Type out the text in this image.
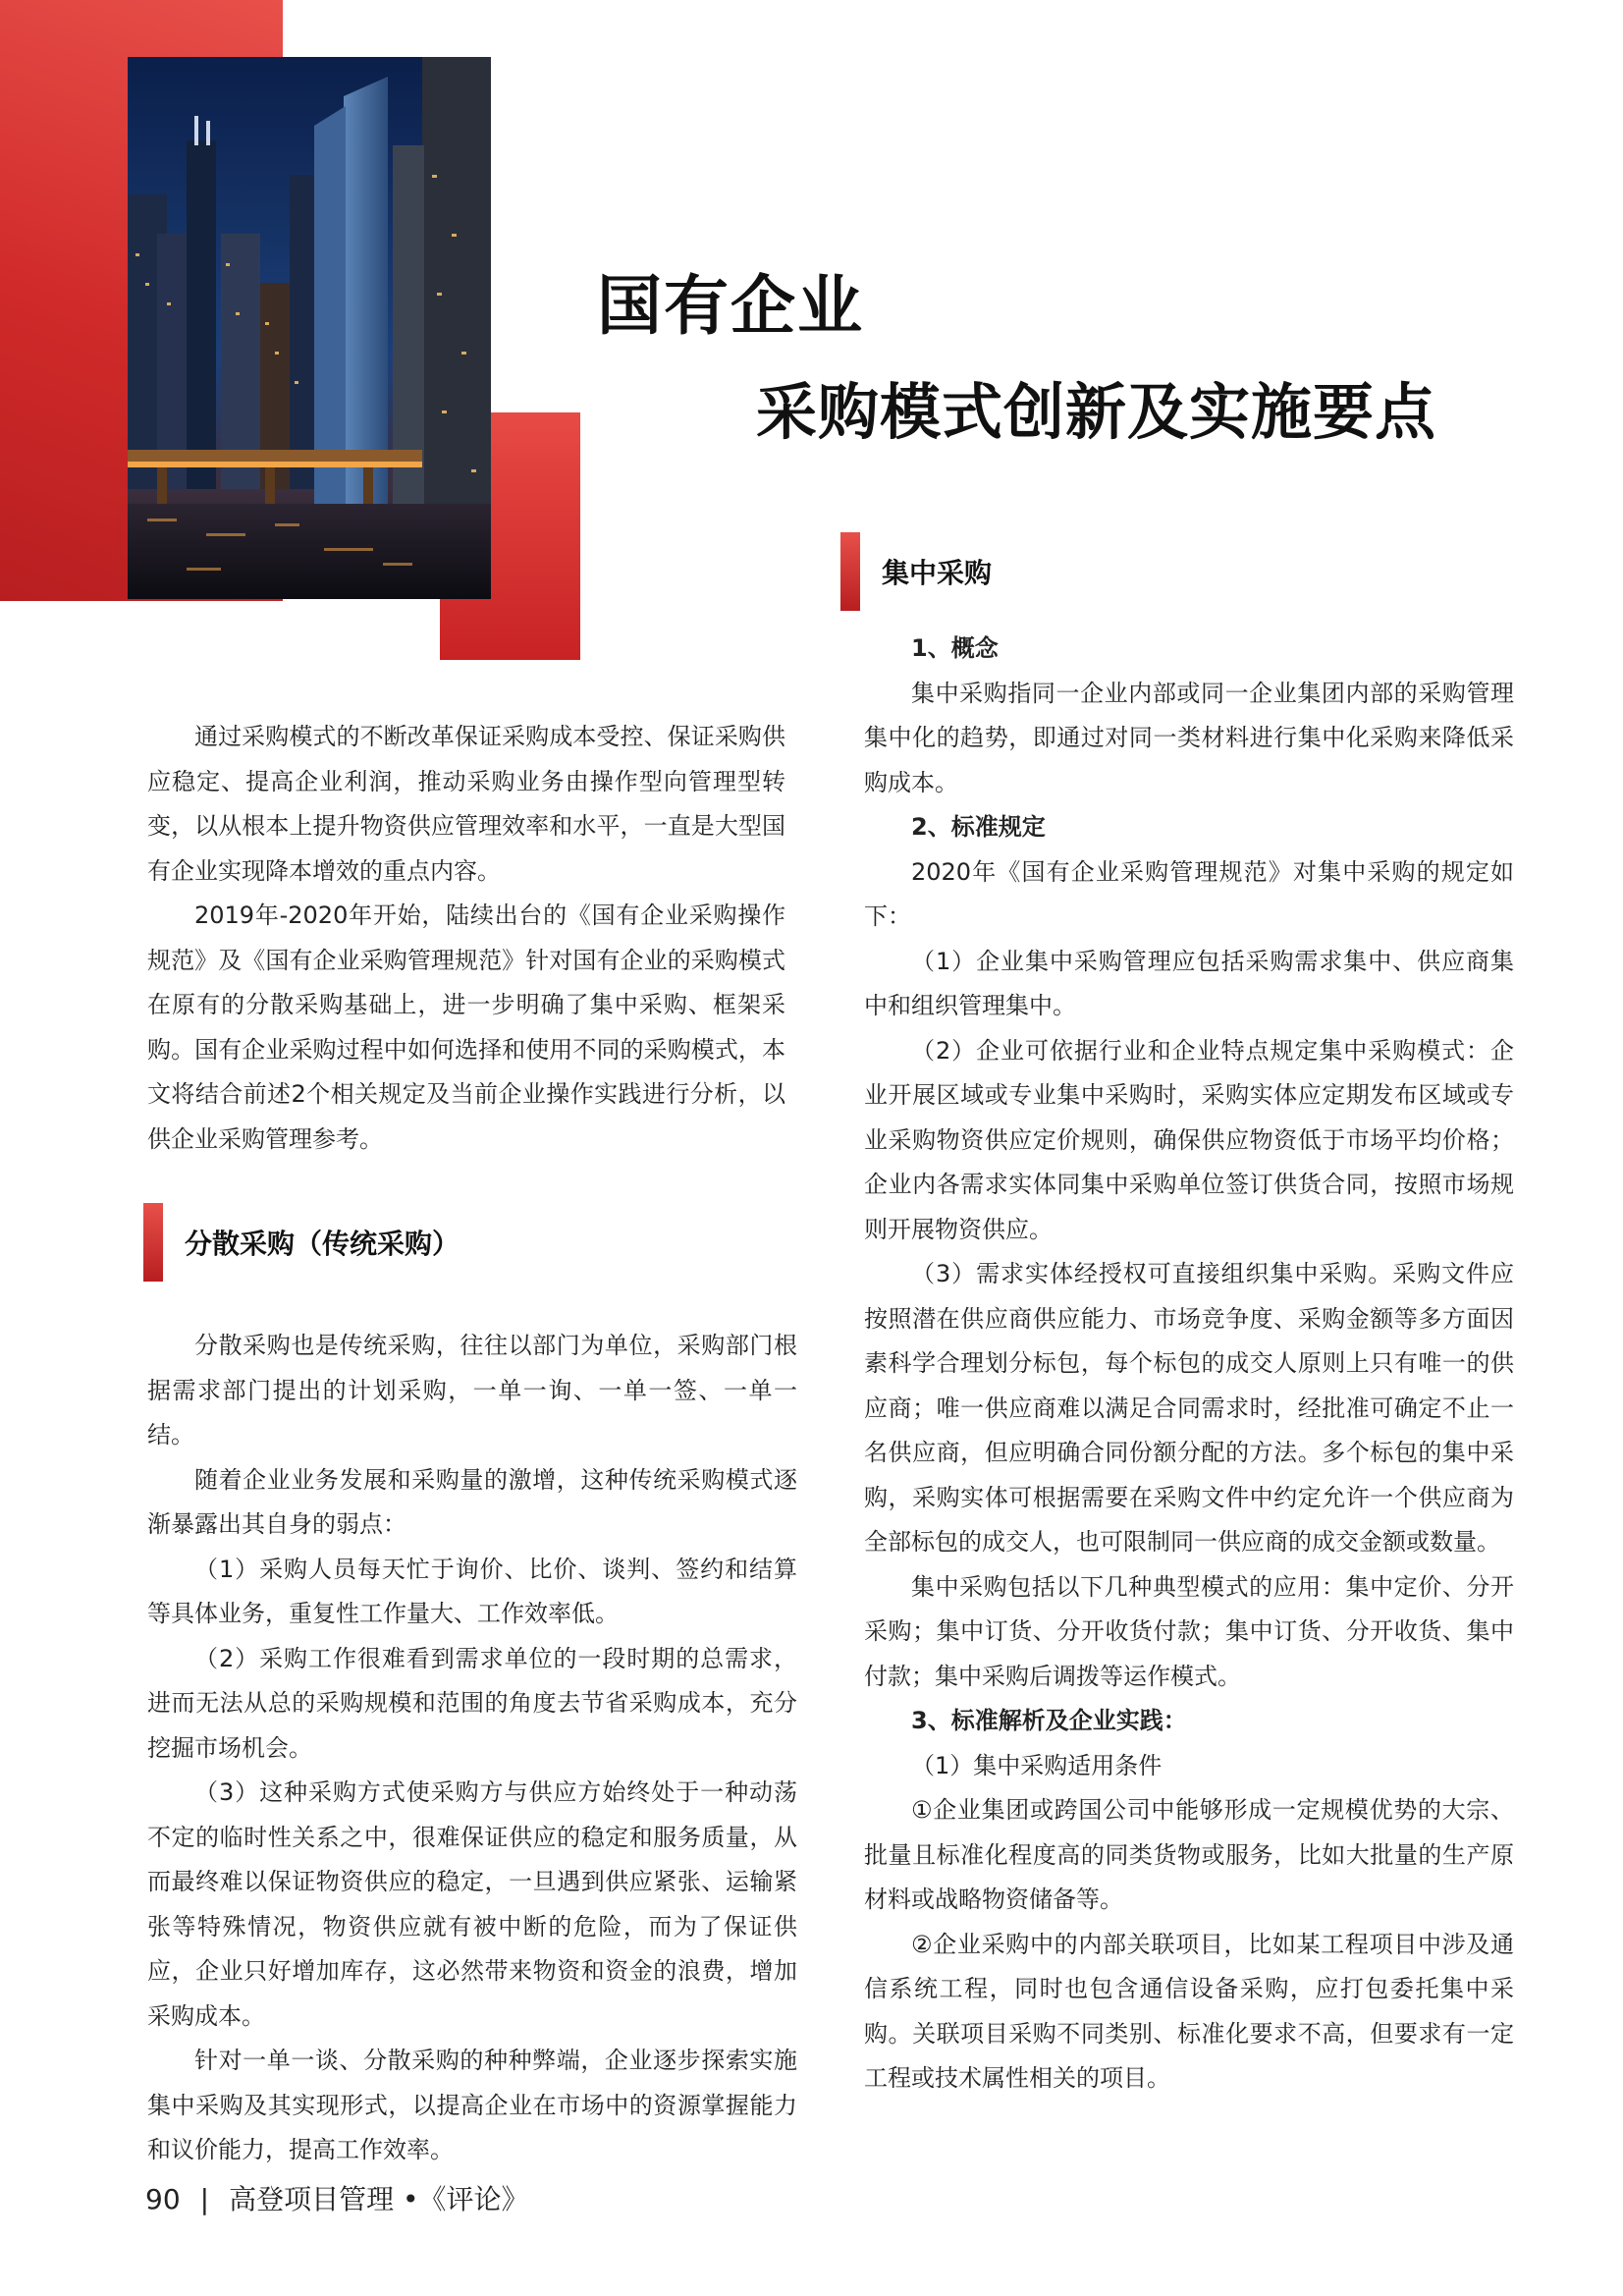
国有企业
采购模式创新及实施要点

通过采购模式的不断改革保证采购成本受控、保证采购供应稳定、提高企业利润，推动采购业务由操作型向管理型转变，以从根本上提升物资供应管理效率和水平，一直是大型国有企业实现降本增效的重点内容。

2019年-2020年开始，陆续出台的《国有企业采购操作规范》及《国有企业采购管理规范》针对国有企业的采购模式在原有的分散采购基础上，进一步明确了集中采购、框架采购。国有企业采购过程中如何选择和使用不同的采购模式，本文将结合前述2个相关规定及当前企业操作实践进行分析，以供企业采购管理参考。

分散采购（传统采购）

分散采购也是传统采购，往往以部门为单位，采购部门根据需求部门提出的计划采购，一单一询、一单一签、一单一结。

随着企业业务发展和采购量的激增，这种传统采购模式逐渐暴露出其自身的弱点：

（1）采购人员每天忙于询价、比价、谈判、签约和结算等具体业务，重复性工作量大、工作效率低。

（2）采购工作很难看到需求单位的一段时期的总需求，进而无法从总的采购规模和范围的角度去节省采购成本，充分挖掘市场机会。

（3）这种采购方式使采购方与供应方始终处于一种动荡不定的临时性关系之中，很难保证供应的稳定和服务质量，从而最终难以保证物资供应的稳定，一旦遇到供应紧张、运输紧张等特殊情况，物资供应就有被中断的危险，而为了保证供应，企业只好增加库存，这必然带来物资和资金的浪费，增加采购成本。

针对一单一谈、分散采购的种种弊端，企业逐步探索实施集中采购及其实现形式，以提高企业在市场中的资源掌握能力和议价能力，提高工作效率。

集中采购

1、概念

集中采购指同一企业内部或同一企业集团内部的采购管理集中化的趋势，即通过对同一类材料进行集中化采购来降低采购成本。

2、标准规定

2020年《国有企业采购管理规范》对集中采购的规定如下：

（1）企业集中采购管理应包括采购需求集中、供应商集中和组织管理集中。

（2）企业可依据行业和企业特点规定集中采购模式：企业开展区域或专业集中采购时，采购实体应定期发布区域或专业采购物资供应定价规则，确保供应物资低于市场平均价格；企业内各需求实体同集中采购单位签订供货合同，按照市场规则开展物资供应。

（3）需求实体经授权可直接组织集中采购。采购文件应按照潜在供应商供应能力、市场竞争度、采购金额等多方面因素科学合理划分标包，每个标包的成交人原则上只有唯一的供应商；唯一供应商难以满足合同需求时，经批准可确定不止一名供应商，但应明确合同份额分配的方法。多个标包的集中采购，采购实体可根据需要在采购文件中约定允许一个供应商为全部标包的成交人，也可限制同一供应商的成交金额或数量。

集中采购包括以下几种典型模式的应用：集中定价、分开采购；集中订货、分开收货付款；集中订货、分开收货、集中付款；集中采购后调拨等运作模式。

3、标准解析及企业实践：

（1）集中采购适用条件

①企业集团或跨国公司中能够形成一定规模优势的大宗、批量且标准化程度高的同类货物或服务，比如大批量的生产原材料或战略物资储备等。

②企业采购中的内部关联项目，比如某工程项目中涉及通信系统工程，同时也包含通信设备采购，应打包委托集中采购。关联项目采购不同类别、标准化要求不高，但要求有一定工程或技术属性相关的项目。

90 | 高登项目管理 •《评论》
